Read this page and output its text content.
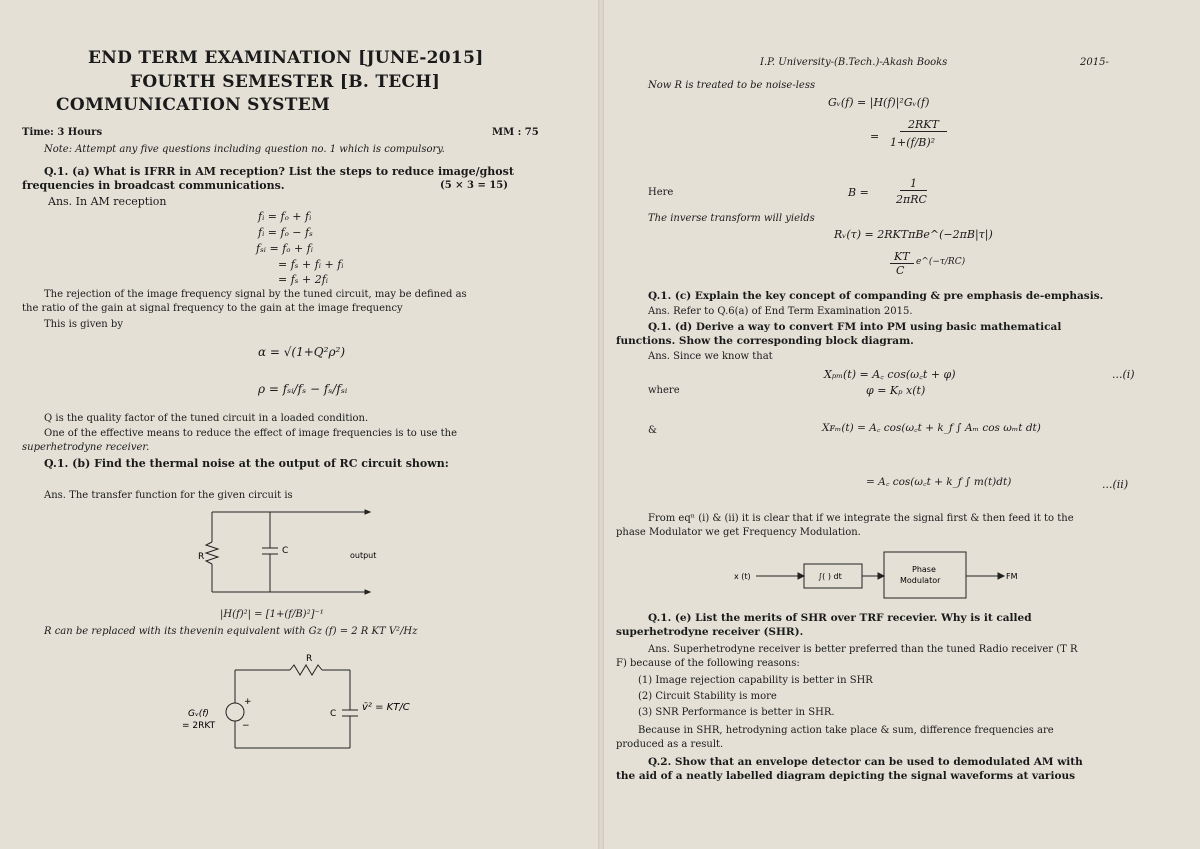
END TERM EXAMINATION [JUNE-2015]
FOURTH SEMESTER [B. TECH]
COMMUNICATION SYSTEM
Time: 3 Hours	MM : 75
Note: Attempt any five questions including question no. 1 which is compulsory.
Q.1. (a) What is IFRR in AM reception? List the steps to reduce image/ghost
frequencies in broadcast communications.	(5 × 3 = 15)
Ans. In AM reception
fᵢ = fₒ + fᵢ
fᵢ = fₒ − fₛ
fₛᵢ = fₒ + fᵢ
= fₛ + fᵢ + fᵢ
= fₛ + 2fᵢ
The rejection of the image frequency signal by the tuned circuit, may be defined as
the ratio of the gain at signal frequency to the gain at the image frequency
This is given by
α = √(1+Q²ρ²)
ρ = fₛᵢ/fₛ − fₛ/fₛᵢ
Q is the quality factor of the tuned circuit in a loaded condition.
One of the effective means to reduce the effect of image frequencies is to use the
superhetrodyne receiver.
Q.1. (b) Find the thermal noise at the output of RC circuit shown:
Ans. The transfer function for the given circuit is
R
C	output
|H(f)²| = [1+(f/B)²]⁻¹
R can be replaced with its thevenin equivalent with Gz (f) = 2 R KT V²/Hz
R
C
v̄² = KT/C
Gᵥ(f)
= 2RKT
+
−
I.P. University-(B.Tech.)-Akash Books	2015-
Now R is treated to be noise-less
Gᵥ(f) = |H(f)|²Gᵥ(f)
=
2RKT
1+(f/B)²
Here	B =
1
2πRC
The inverse transform will yields
Rᵥ(τ) = 2RKTπBe^(−2πB|τ|)
KT
C
e^(−τ/RC)
Q.1. (c) Explain the key concept of companding & pre emphasis de-emphasis.
Ans. Refer to Q.6(a) of End Term Examination 2015.
Q.1. (d) Derive a way to convert FM into PM using basic mathematical
functions. Show the corresponding block diagram.
Ans. Since we know that
Xₚₘ(t) = A꜀ cos(ω꜀t + φ)	...(i)
where	φ = Kₚ x(t)
&	Xꜰₘ(t) = A꜀ cos(ω꜀t + k_f ∫ Aₘ cos ωₘt dt)
= A꜀ cos(ω꜀t + k_f ∫ m(t)dt)	...(ii)
From eqⁿ (i) & (ii) it is clear that if we integrate the signal first & then feed it to the
phase Modulator we get Frequency Modulation.
x (t)	∫( ) dt
Phase
Modulator	FM
Q.1. (e) List the merits of SHR over TRF recevier. Why is it called
superhetrodyne receiver (SHR).
Ans. Superhetrodyne receiver is better preferred than the tuned Radio receiver (T R
F) because of the following reasons:
(1) Image rejection capability is better in SHR
(2) Circuit Stability is more
(3) SNR Performance is better in SHR.
Because in SHR, hetrodyning action take place & sum, difference frequencies are
produced as a result.
Q.2. Show that an envelope detector can be used to demodulated AM with
the aid of a neatly labelled diagram depicting the signal waveforms at various
